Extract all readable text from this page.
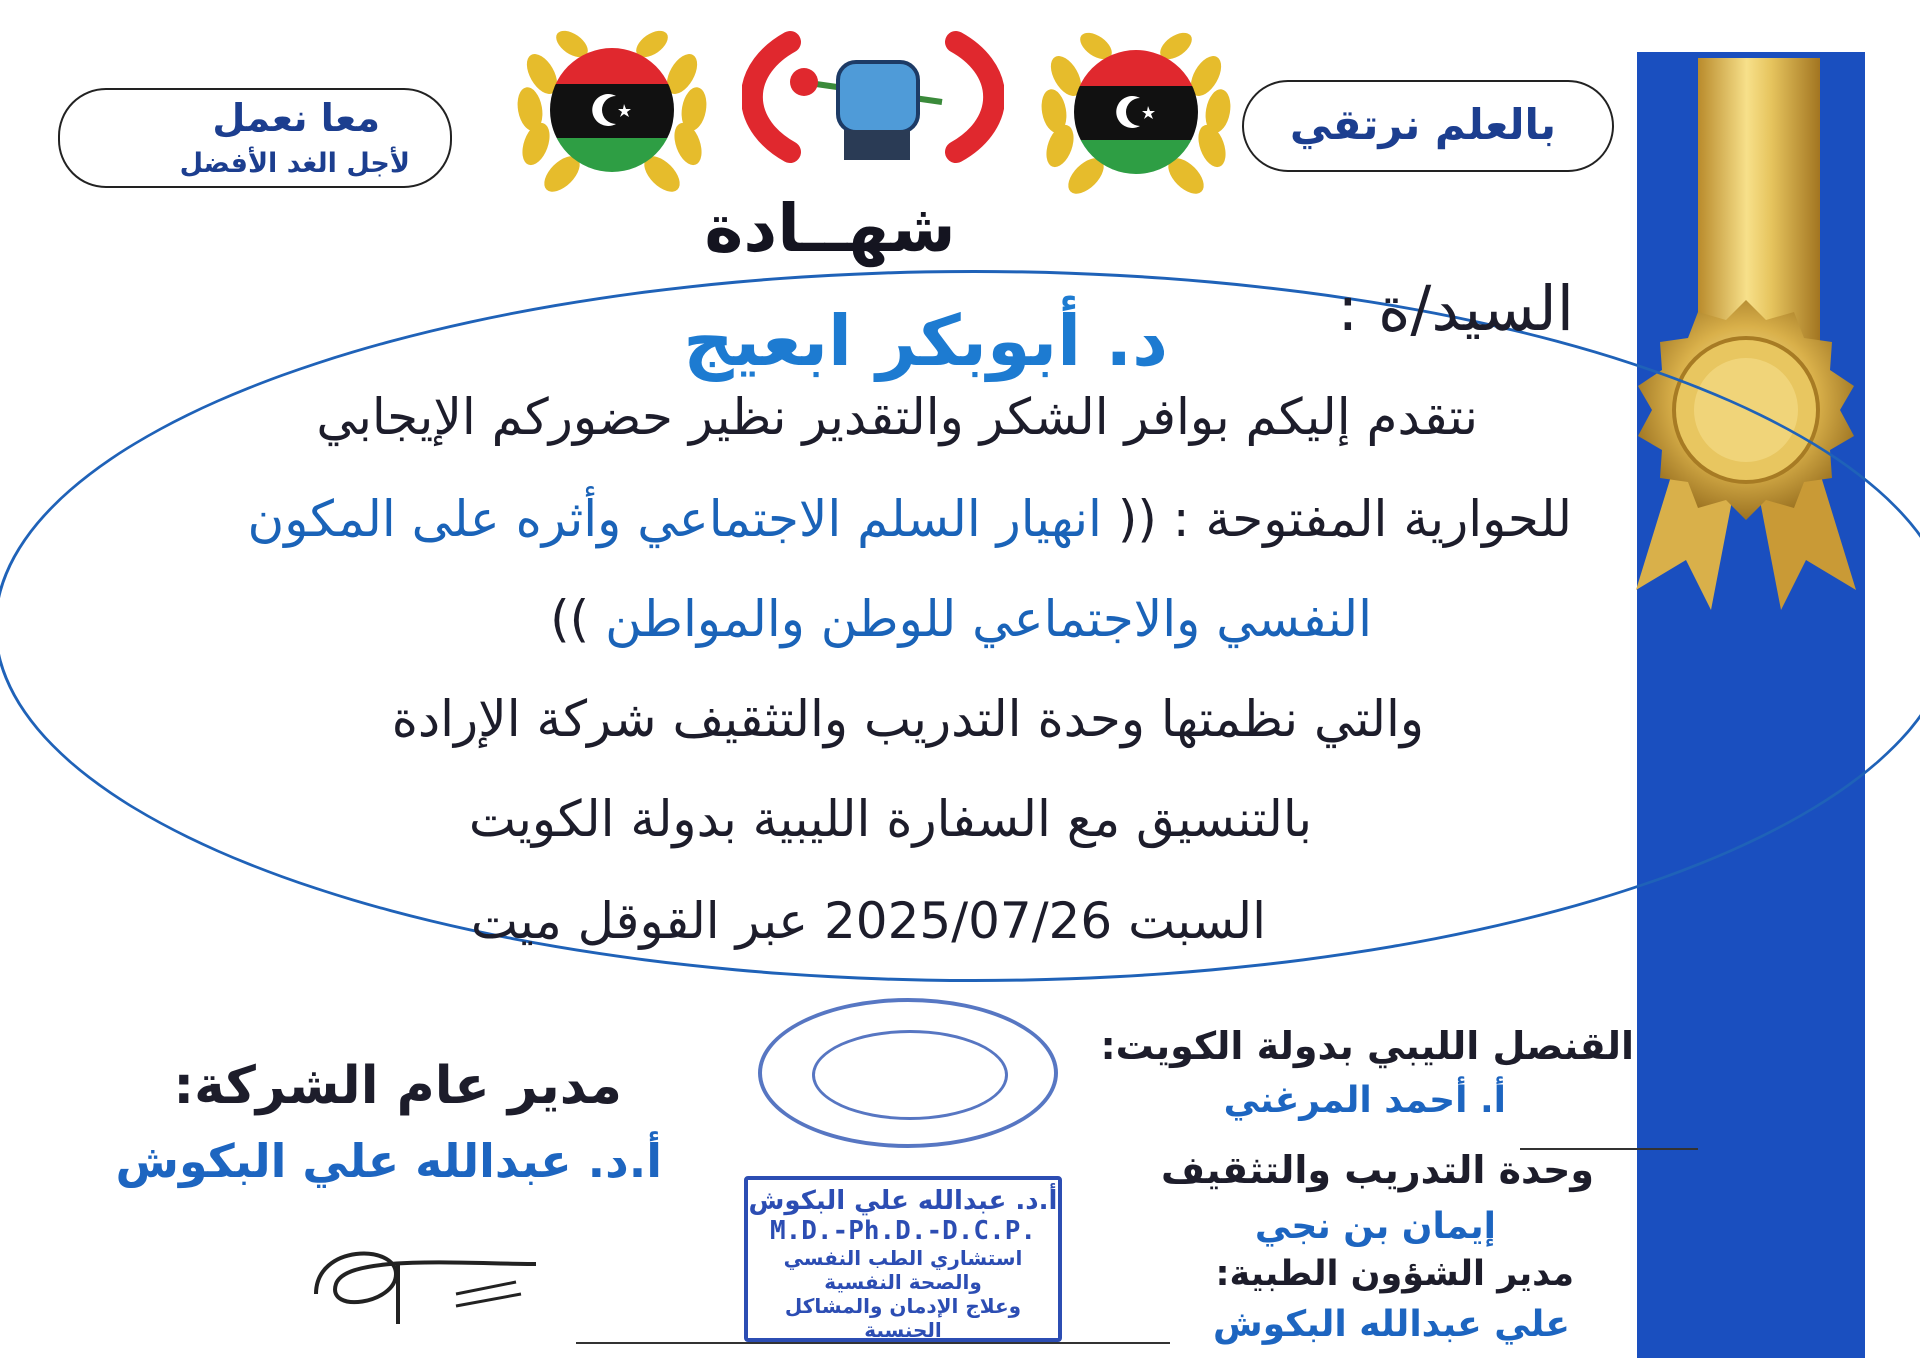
معا نعمل
لأجل الغد الأفضل
بالعلم نرتقي
شهــادة
السيد/ة :
د. أبوبكر ابعيج
نتقدم إليكم بوافر الشكر والتقدير نظير حضوركم الإيجابي
للحوارية المفتوحة : (( انهيار السلم الاجتماعي وأثره على المكون
النفسي والاجتماعي للوطن والمواطن ))
والتي نظمتها وحدة التدريب والتثقيف شركة الإرادة
بالتنسيق مع السفارة الليبية بدولة الكويت
السبت 2025/07/26 عبر القوقل ميت
القنصل الليبي بدولة الكويت:
أ. أحمد المرغني
وحدة التدريب والتثقيف
إيمان بن نجي
مدير الشؤون الطبية:
علي عبدالله البكوش
مدير عام الشركة:
أ.د. عبدالله علي البكوش
أ.د. عبدالله علي البكوش
M.D.-Ph.D.-D.C.P.
استشاري الطب النفسي والصحة النفسية
وعلاج الإدمان والمشاكل الجنسية
